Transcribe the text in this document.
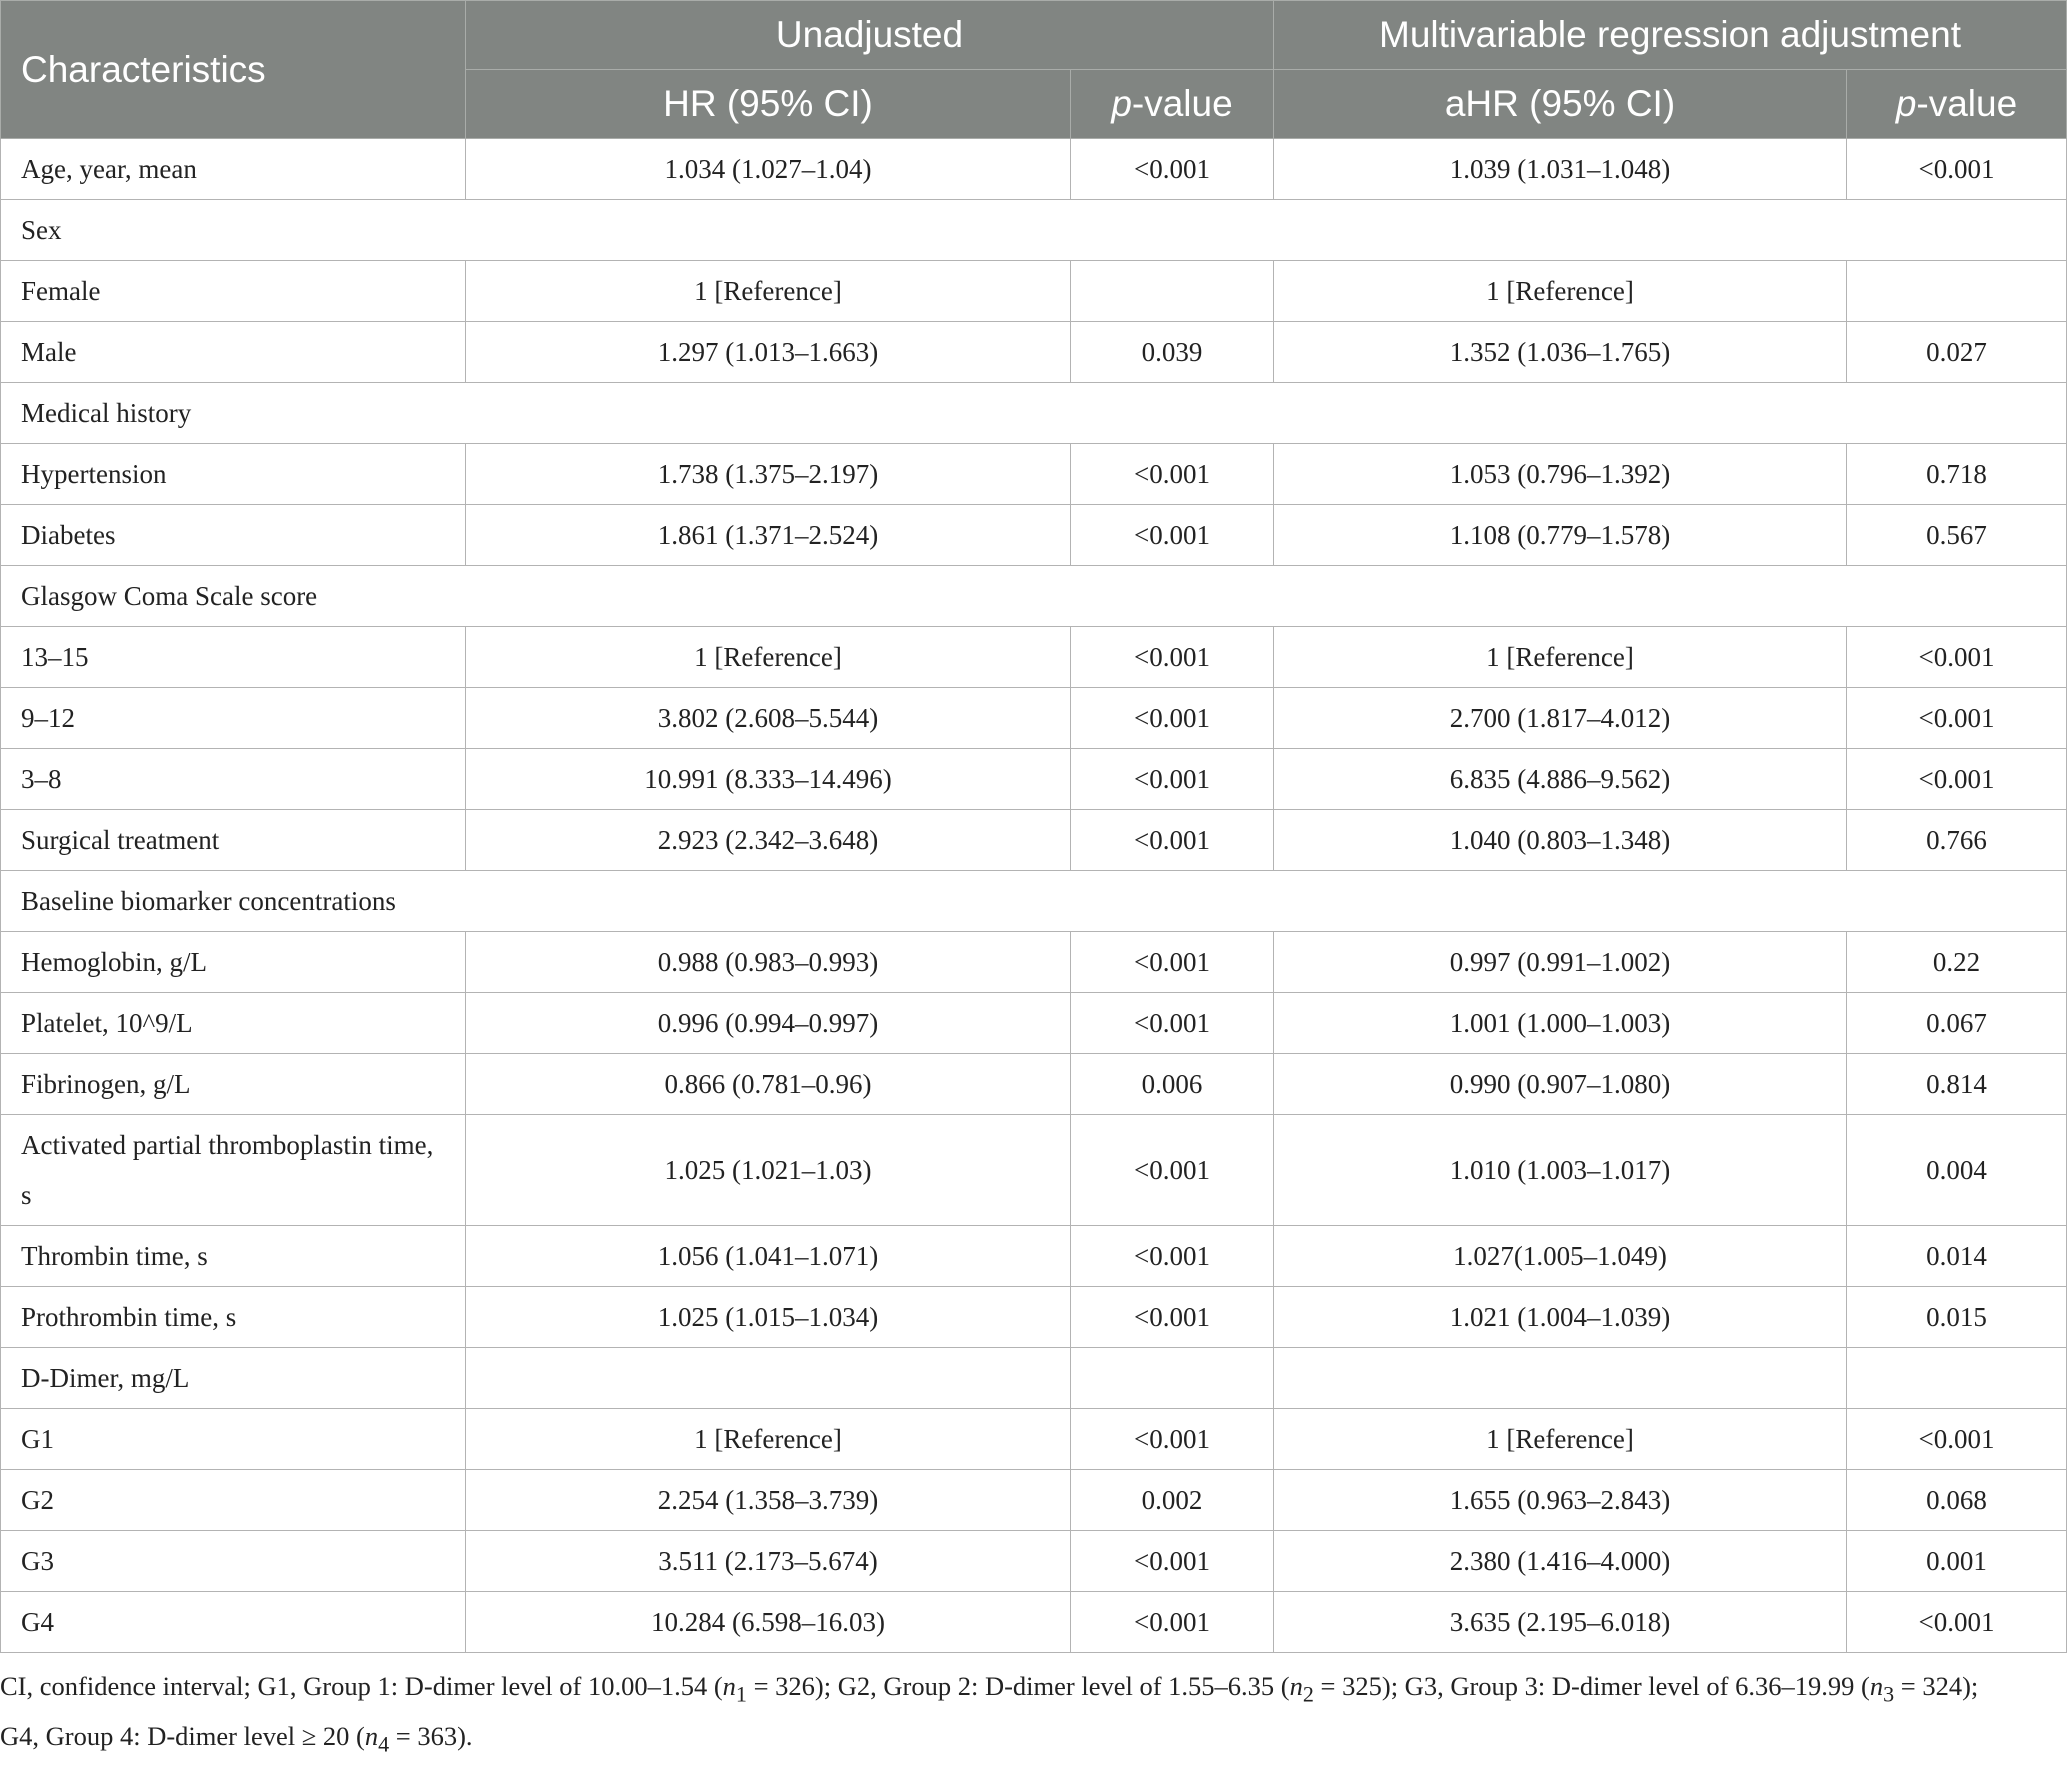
Characteristics	Unadjusted		Multivariable regression adjustment	
	HR (95% CI)	p-value	aHR (95% CI)	p-value
Age, year, mean	1.034 (1.027–1.04)	<0.001	1.039 (1.031–1.048)	<0.001
Sex				
Female	1 [Reference]		1 [Reference]	
Male	1.297 (1.013–1.663)	0.039	1.352 (1.036–1.765)	0.027
Medical history				
Hypertension	1.738 (1.375–2.197)	<0.001	1.053 (0.796–1.392)	0.718
Diabetes	1.861 (1.371–2.524)	<0.001	1.108 (0.779–1.578)	0.567
Glasgow Coma Scale score				
13–15	1 [Reference]	<0.001	1 [Reference]	<0.001
9–12	3.802 (2.608–5.544)	<0.001	2.700 (1.817–4.012)	<0.001
3–8	10.991 (8.333–14.496)	<0.001	6.835 (4.886–9.562)	<0.001
Surgical treatment	2.923 (2.342–3.648)	<0.001	1.040 (0.803–1.348)	0.766
Baseline biomarker concentrations				
Hemoglobin, g/L	0.988 (0.983–0.993)	<0.001	0.997 (0.991–1.002)	0.22
Platelet, 10^9/L	0.996 (0.994–0.997)	<0.001	1.001 (1.000–1.003)	0.067
Fibrinogen, g/L	0.866 (0.781–0.96)	0.006	0.990 (0.907–1.080)	0.814
Activated partial thromboplastin time, s	1.025 (1.021–1.03)	<0.001	1.010 (1.003–1.017)	0.004
Thrombin time, s	1.056 (1.041–1.071)	<0.001	1.027(1.005–1.049)	0.014
Prothrombin time, s	1.025 (1.015–1.034)	<0.001	1.021 (1.004–1.039)	0.015
D-Dimer, mg/L				
G1	1 [Reference]	<0.001	1 [Reference]	<0.001
G2	2.254 (1.358–3.739)	0.002	1.655 (0.963–2.843)	0.068
G3	3.511 (2.173–5.674)	<0.001	2.380 (1.416–4.000)	0.001
G4	10.284 (6.598–16.03)	<0.001	3.635 (2.195–6.018)	<0.001
CI, confidence interval; G1, Group 1: D-dimer level of 10.00–1.54 $(n_1 = 326)$; G2, Group 2: D-dimer level of 1.55–6.35 $(n_2 = 325)$; G3, Group 3: D-dimer level of 6.36–19.99 $(n_3 = 324)$;
G4, Group 4: D-dimer level ≥ 20 $(n_4 = 363)$.
